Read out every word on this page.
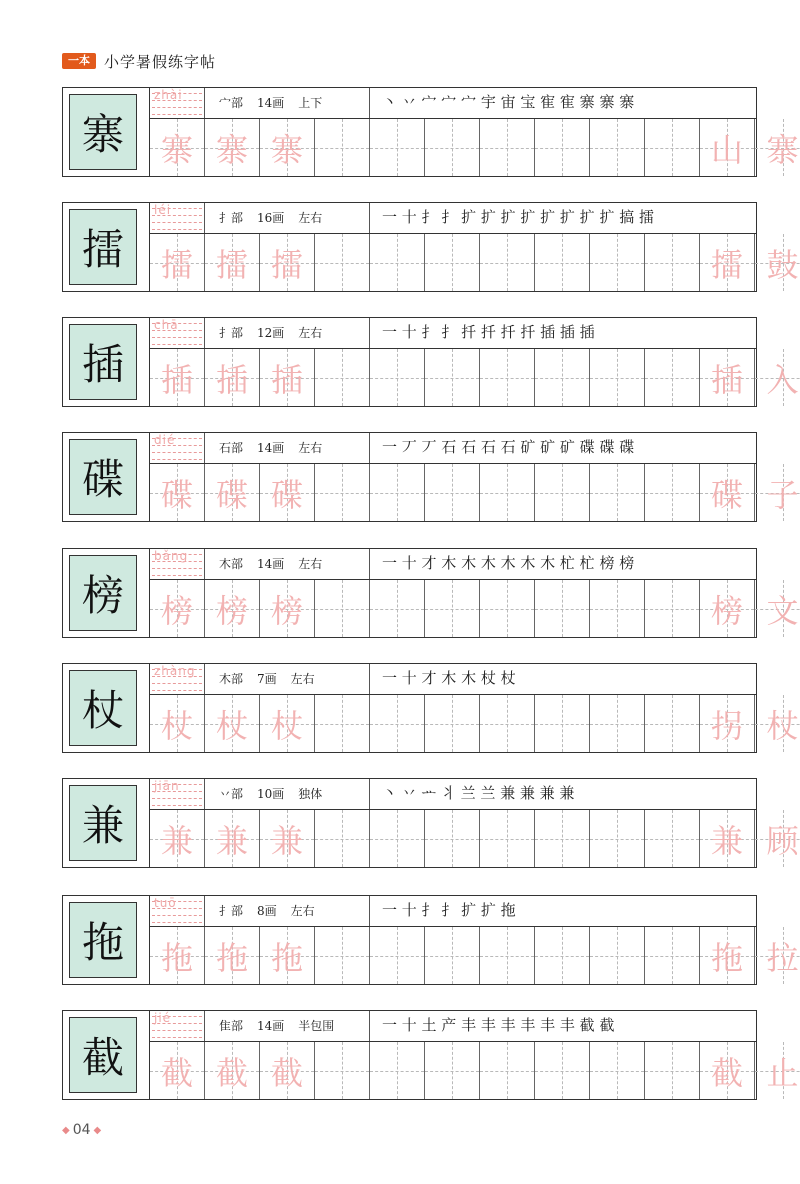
一本 小学暑假练字帖
寨
zhài
宀部 14画 上下	丶 丷 宀 宀 宀 宇 宙 宝 寉 寉 寨 寨 寨
寨 寨 寨	山 寨
擂
léi
扌部 16画 左右	一 十 扌 扌 扩 扩 扩 扩 扩 扩 扩 扩 搞 擂
擂 擂 擂	擂 鼓
插
chā
扌部 12画 左右	一 十 扌 扌 扦 扦 扦 扦 插 插 插
插 插 插	插 入
碟
dié
石部 14画 左右	一 丆 丆 石 石 石 石 矿 矿 矿 碟 碟 碟
碟 碟 碟	碟 子
榜
bǎng
木部 14画 左右	一 十 才 木 木 木 木 木 木 杧 杧 榜 榜
榜 榜 榜	榜 文
杖
zhàng
木部 7画 左右	一 十 才 木 木 杖 杖
杖 杖 杖	拐 杖
兼
jiān
丷部 10画 独体	丶 丷 ᅭ 丬 兰 兰 兼 兼 兼 兼
兼 兼 兼	兼 顾
拖
tuō
扌部 8画 左右	一 十 扌 扌 扩 扩 拖
拖 拖 拖	拖 拉
截
jié
隹部 14画 半包围	一 十 土 产 丰 丰 丰 丰 丰 丰 截 截
截 截 截	截 止
◆ 04 ◆
